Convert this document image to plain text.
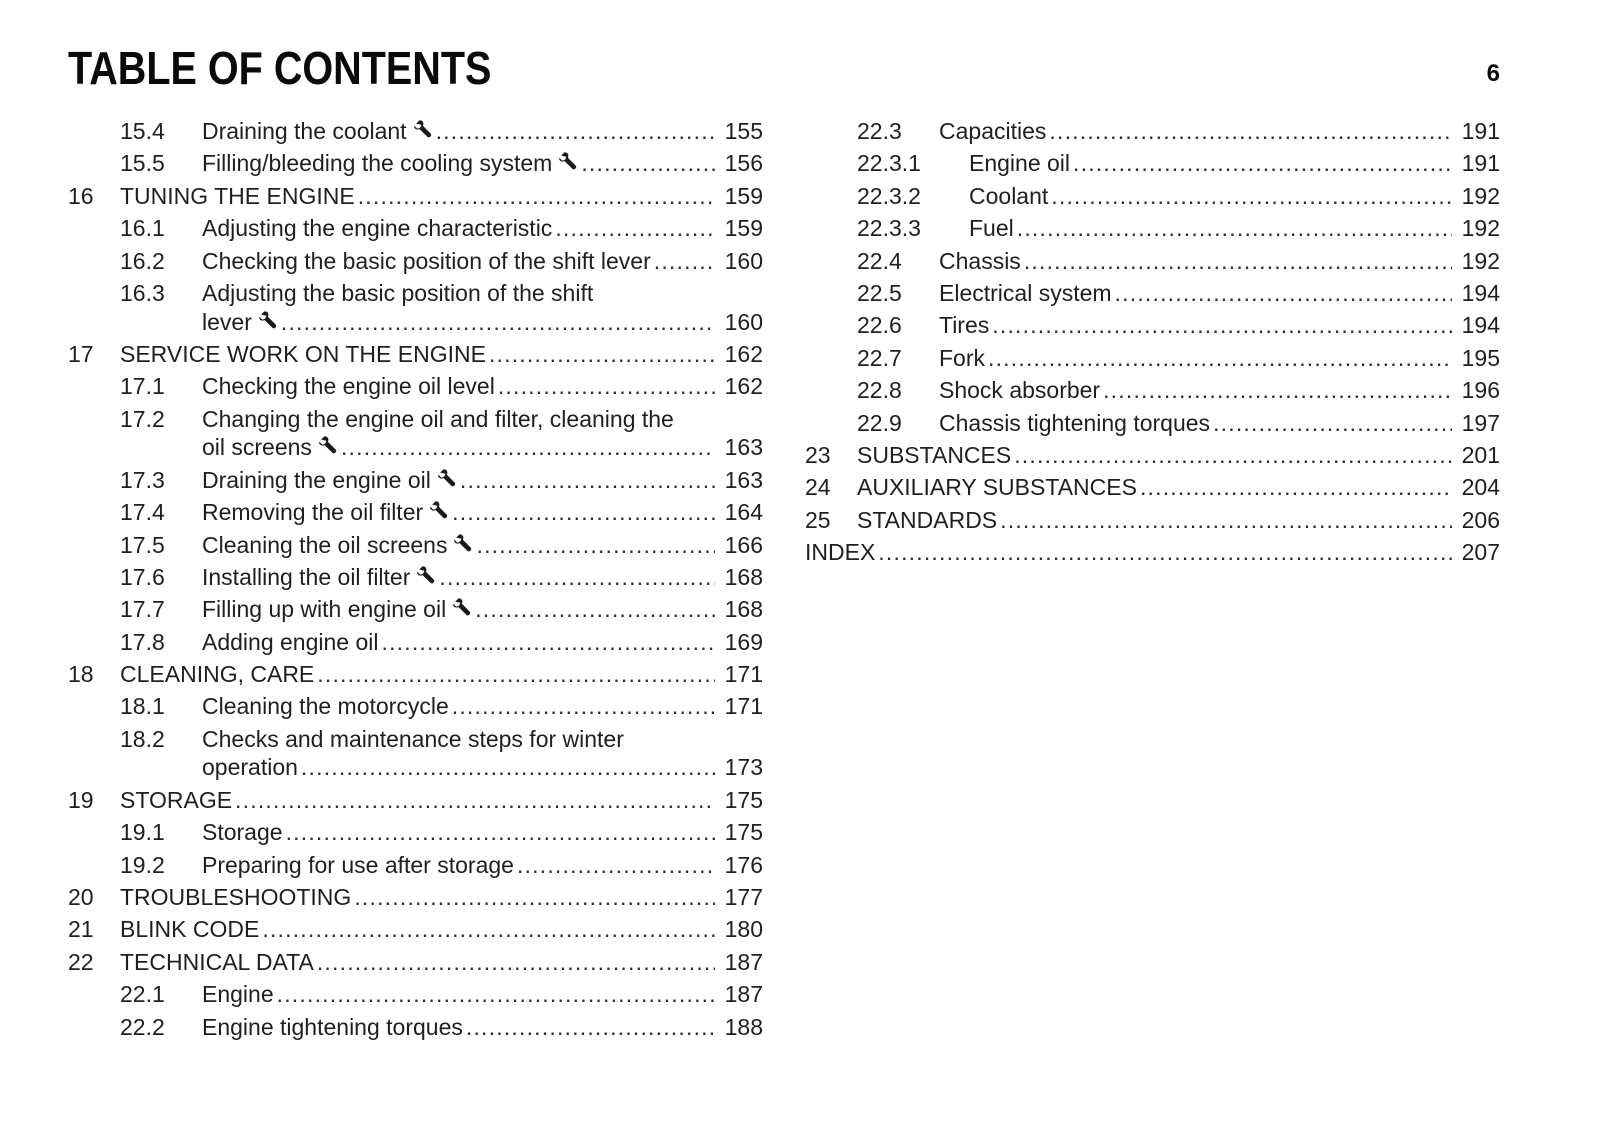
TABLE OF CONTENTS	6
15.4 Draining the coolant .....	155
15.5 Filling/bleeding the cooling system .....	156
16 TUNING THE ENGINE .....	159
16.1 Adjusting the engine characteristic .....	159
16.2 Checking the basic position of the shift lever .....	160
16.3 Adjusting the basic position of the shift
lever .....	160
17 SERVICE WORK ON THE ENGINE .....	162
17.1 Checking the engine oil level .....	162
17.2 Changing the engine oil and filter, cleaning the
oil screens .....	163
17.3 Draining the engine oil .....	163
17.4 Removing the oil filter .....	164
17.5 Cleaning the oil screens .....	166
17.6 Installing the oil filter .....	168
17.7 Filling up with engine oil .....	168
17.8 Adding engine oil .....	169
18 CLEANING, CARE .....	171
18.1 Cleaning the motorcycle .....	171
18.2 Checks and maintenance steps for winter
operation .....	173
19 STORAGE .....	175
19.1 Storage .....	175
19.2 Preparing for use after storage .....	176
20 TROUBLESHOOTING .....	177
21 BLINK CODE .....	180
22 TECHNICAL DATA .....	187
22.1 Engine .....	187
22.2 Engine tightening torques .....	188
22.3 Capacities .....	191
22.3.1 Engine oil .....	191
22.3.2 Coolant .....	192
22.3.3 Fuel .....	192
22.4 Chassis .....	192
22.5 Electrical system .....	194
22.6 Tires .....	194
22.7 Fork .....	195
22.8 Shock absorber .....	196
22.9 Chassis tightening torques .....	197
23 SUBSTANCES .....	201
24 AUXILIARY SUBSTANCES .....	204
25 STANDARDS .....	206
INDEX .....	207
